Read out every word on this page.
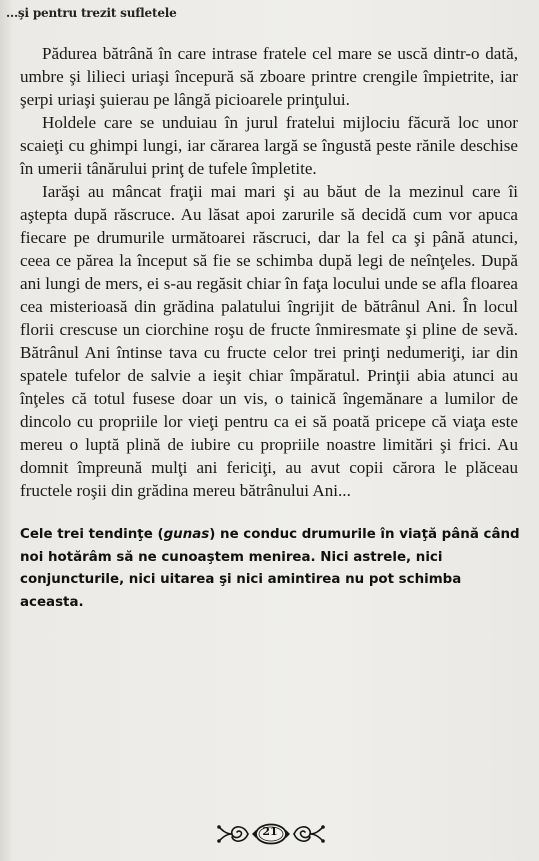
...şi pentru trezit sufletele

Pădurea bătrână în care intrase fratele cel mare se uscă dintr-o dată, umbre şi lilieci uriaşi începură să zboare printre crengile împietrite, iar şerpi uriaşi şuierau pe lângă picioarele prinţului.

Holdele care se unduiau în jurul fratelui mijlociu făcură loc unor scaieţi cu ghimpi lungi, iar cărarea largă se îngustă peste rănile deschise în umerii tânărului prinţ de tufele împletite.

Iarăşi au mâncat fraţii mai mari şi au băut de la mezinul care îi aştepta după răscruce. Au lăsat apoi zarurile să decidă cum vor apuca fiecare pe drumurile următoarei răscruci, dar la fel ca şi până atunci, ceea ce părea la început să fie se schimba după legi de neînţeles. După ani lungi de mers, ei s-au regăsit chiar în faţa locului unde se afla floarea cea misterioasă din grădina palatului îngrijit de bătrânul Ani. În locul florii crescuse un ciorchine roşu de fructe înmiresmate şi pline de sevă. Bătrânul Ani întinse tava cu fructe celor trei prinţi nedumeriţi, iar din spatele tufelor de salvie a ieşit chiar împăratul. Prinţii abia atunci au înţeles că totul fusese doar un vis, o tainică îngemănare a lumilor de dincolo cu propriile lor vieţi pentru ca ei să poată pricepe că viaţa este mereu o luptă plină de iubire cu propriile noastre limitări şi frici. Au domnit împreună mulţi ani fericiţi, au avut copii cărora le plăceau fructele roşii din grădina mereu bătrânului Ani...

Cele trei tendinţe (gunas) ne conduc drumurile în viaţă până când noi hotărâm să ne cunoaştem menirea. Nici astrele, nici conjuncturile, nici uitarea şi nici amintirea nu pot schimba aceasta.
21
